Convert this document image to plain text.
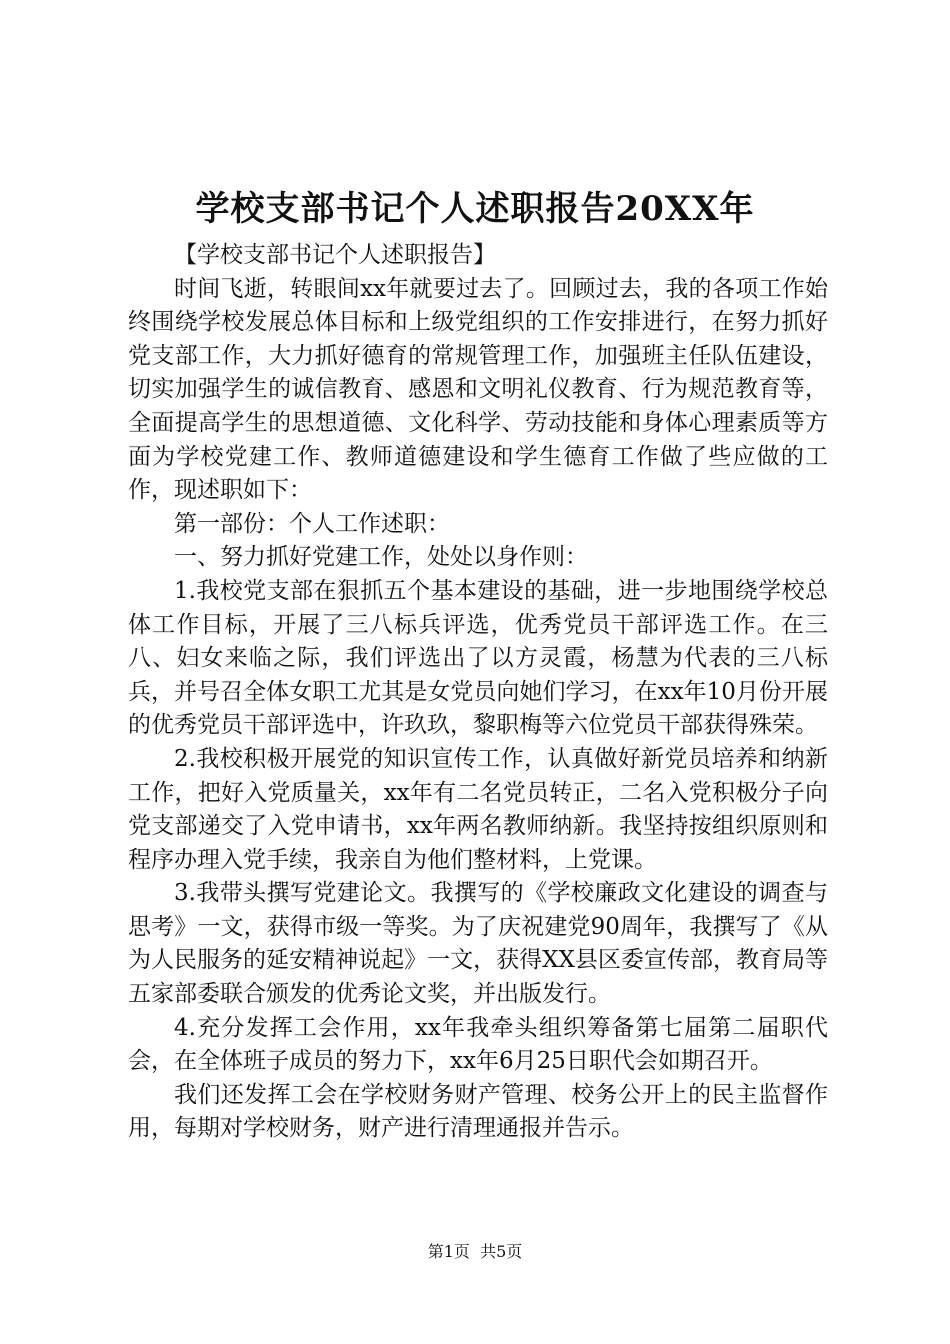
学校支部书记个人述职报告20XX年

【学校支部书记个人述职报告】

时间飞逝，转眼间xx年就要过去了。回顾过去，我的各项工作始终围绕学校发展总体目标和上级党组织的工作安排进行，在努力抓好党支部工作，大力抓好德育的常规管理工作，加强班主任队伍建设，切实加强学生的诚信教育、感恩和文明礼仪教育、行为规范教育等，全面提高学生的思想道德、文化科学、劳动技能和身体心理素质等方面为学校党建工作、教师道德建设和学生德育工作做了些应做的工作，现述职如下：

第一部份：个人工作述职：

一、努力抓好党建工作，处处以身作则：

1.我校党支部在狠抓五个基本建设的基础，进一步地围绕学校总体工作目标，开展了三八标兵评选，优秀党员干部评选工作。在三八、妇女来临之际，我们评选出了以方灵霞，杨慧为代表的三八标兵，并号召全体女职工尤其是女党员向她们学习，在xx年10月份开展的优秀党员干部评选中，许玖玖，黎职梅等六位党员干部获得殊荣。

2.我校积极开展党的知识宣传工作，认真做好新党员培养和纳新工作，把好入党质量关，xx年有二名党员转正，二名入党积极分子向党支部递交了入党申请书，xx年两名教师纳新。我坚持按组织原则和程序办理入党手续，我亲自为他们整材料，上党课。

3.我带头撰写党建论文。我撰写的《学校廉政文化建设的调查与思考》一文，获得市级一等奖。为了庆祝建党90周年，我撰写了《从为人民服务的延安精神说起》一文，获得XX县区委宣传部，教育局等五家部委联合颁发的优秀论文奖，并出版发行。

4.充分发挥工会作用，xx年我牵头组织筹备第七届第二届职代会，在全体班子成员的努力下，xx年6月25日职代会如期召开。

我们还发挥工会在学校财务财产管理、校务公开上的民主监督作用，每期对学校财务，财产进行清理通报并告示。

第1页 共5页
